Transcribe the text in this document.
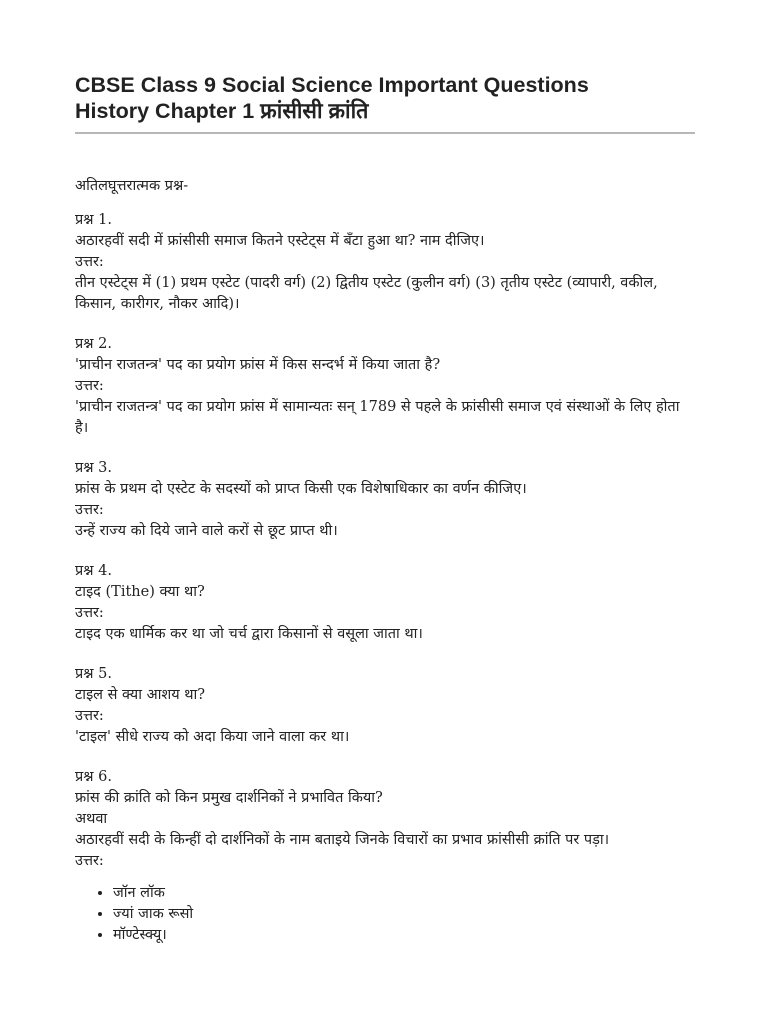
CBSE Class 9 Social Science Important Questions
History Chapter 1 फ्रांसीसी क्रांति

अतिलघूत्तरात्मक प्रश्न-

प्रश्न 1.
अठारहवीं सदी में फ्रांसीसी समाज कितने एस्टेट्स में बँटा हुआ था? नाम दीजिए।
उत्तर:
तीन एस्टेट्स में (1) प्रथम एस्टेट (पादरी वर्ग) (2) द्वितीय एस्टेट (कुलीन वर्ग) (3) तृतीय एस्टेट (व्यापारी, वकील, किसान, कारीगर, नौकर आदि)।
प्रश्न 2.
'प्राचीन राजतन्त्र' पद का प्रयोग फ्रांस में किस सन्दर्भ में किया जाता है?
उत्तर:
'प्राचीन राजतन्त्र' पद का प्रयोग फ्रांस में सामान्यतः सन् 1789 से पहले के फ्रांसीसी समाज एवं संस्थाओं के लिए होता है।
प्रश्न 3.
फ्रांस के प्रथम दो एस्टेट के सदस्यों को प्राप्त किसी एक विशेषाधिकार का वर्णन कीजिए।
उत्तर:
उन्हें राज्य को दिये जाने वाले करों से छूट प्राप्त थी।
प्रश्न 4.
टाइद (Tithe) क्या था?
उत्तर:
टाइद एक धार्मिक कर था जो चर्च द्वारा किसानों से वसूला जाता था।
प्रश्न 5.
टाइल से क्या आशय था?
उत्तर:
'टाइल' सीधे राज्य को अदा किया जाने वाला कर था।
प्रश्न 6.
फ्रांस की क्रांति को किन प्रमुख दार्शनिकों ने प्रभावित किया?
अथवा
अठारहवीं सदी के किन्हीं दो दार्शनिकों के नाम बताइये जिनके विचारों का प्रभाव फ्रांसीसी क्रांति पर पड़ा।
उत्तर:
• जॉन लॉक
• ज्यां जाक रूसो
• मॉण्टेस्क्यू।
